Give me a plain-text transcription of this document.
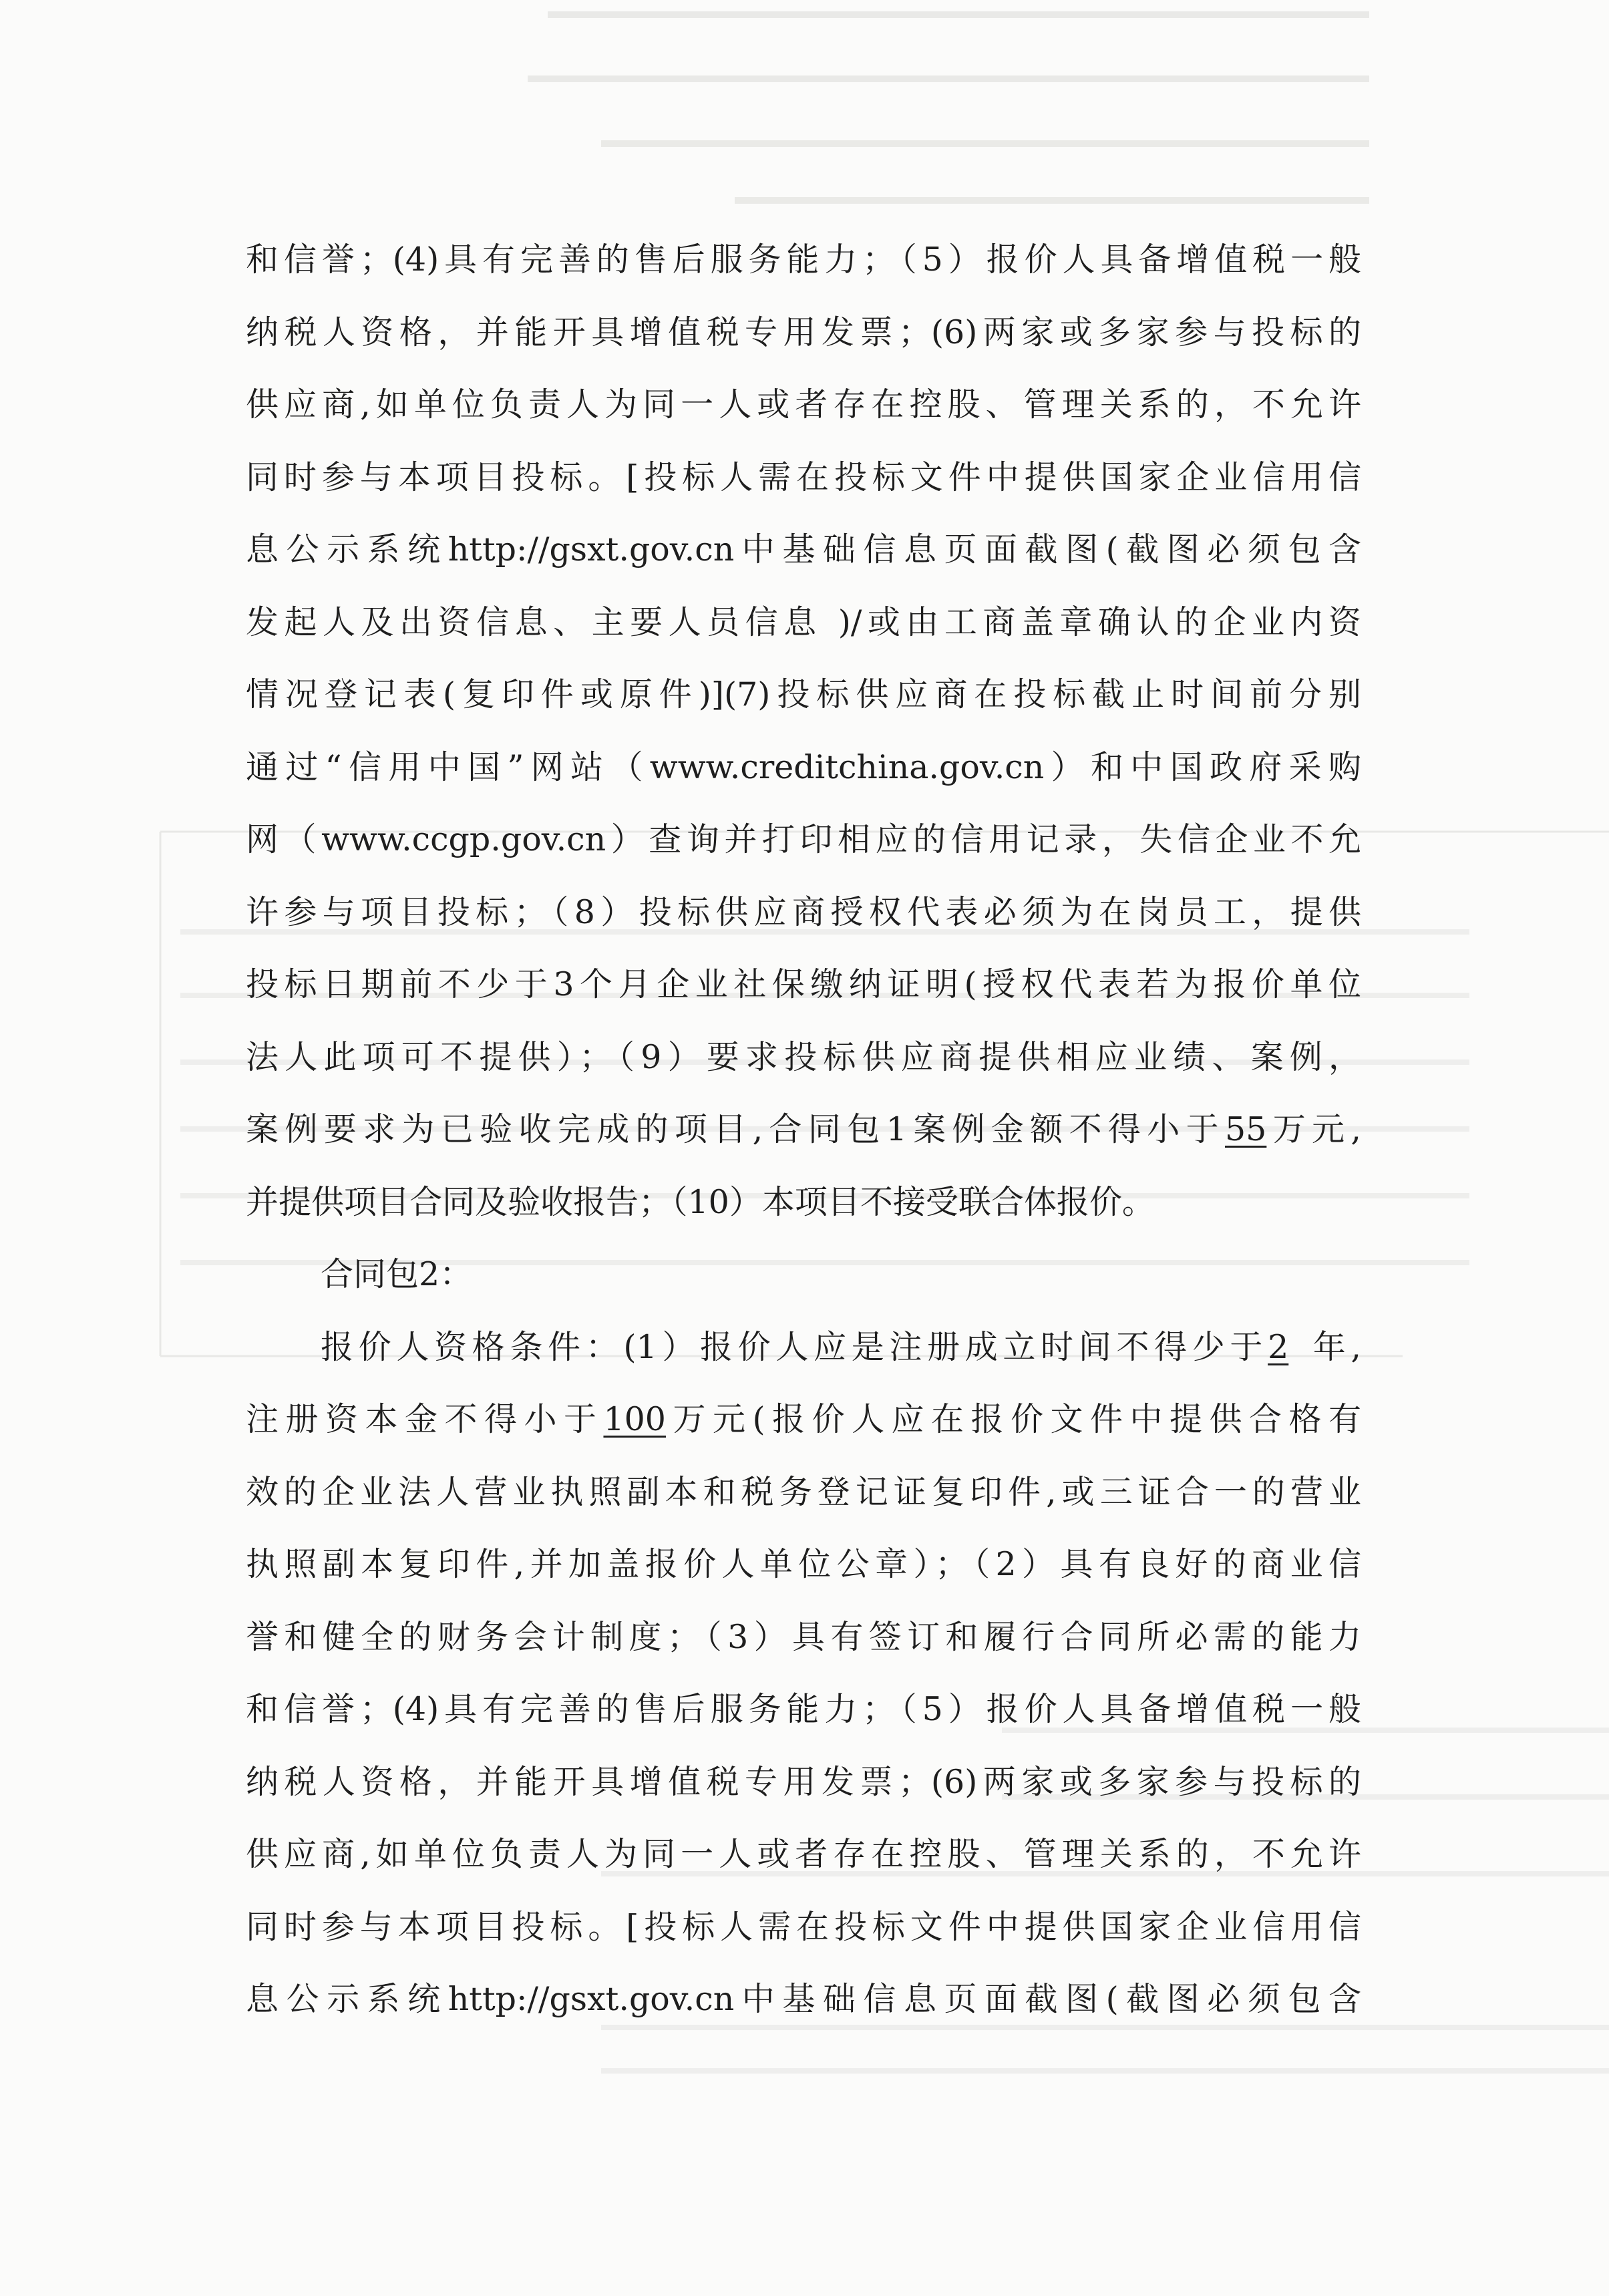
和信誉；(4)具有完善的售后服务能力；（5）报价人具备增值税一般
纳税人资格，并能开具增值税专用发票；(6)两家或多家参与投标的
供应商,如单位负责人为同一人或者存在控股、管理关系的，不允许
同时参与本项目投标。[投标人需在投标文件中提供国家企业信用信
息公示系统http://gsxt.gov.cn中基础信息页面截图(截图必须包含
发起人及出资信息、主要人员信息 )/或由工商盖章确认的企业内资
情况登记表(复印件或原件)](7)投标供应商在投标截止时间前分别
通过“信用中国”网站（www.creditchina.gov.cn）和中国政府采购
网（www.ccgp.gov.cn）查询并打印相应的信用记录，失信企业不允
许参与项目投标；（8）投标供应商授权代表必须为在岗员工，提供
投标日期前不少于3个月企业社保缴纳证明(授权代表若为报价单位
法人此项可不提供）；（9）要求投标供应商提供相应业绩、案例，
案例要求为已验收完成的项目,合同包1案例金额不得小于55万元,
并提供项目合同及验收报告；（10）本项目不接受联合体报价。
合同包2：
报价人资格条件：(1）报价人应是注册成立时间不得少于2 年,
注册资本金不得小于100万元(报价人应在报价文件中提供合格有
效的企业法人营业执照副本和税务登记证复印件,或三证合一的营业
执照副本复印件,并加盖报价人单位公章）；（2）具有良好的商业信
誉和健全的财务会计制度；（3）具有签订和履行合同所必需的能力
和信誉；(4)具有完善的售后服务能力；（5）报价人具备增值税一般
纳税人资格，并能开具增值税专用发票；(6)两家或多家参与投标的
供应商,如单位负责人为同一人或者存在控股、管理关系的，不允许
同时参与本项目投标。[投标人需在投标文件中提供国家企业信用信
息公示系统http://gsxt.gov.cn中基础信息页面截图(截图必须包含
